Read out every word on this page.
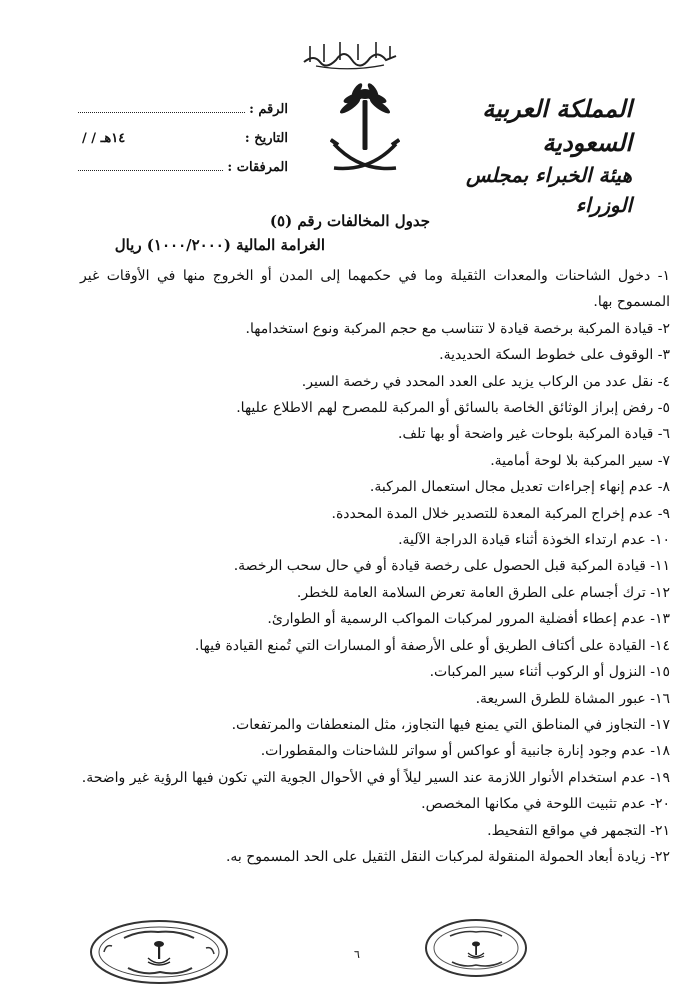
الرقم :
التاريخ :
/ / ١٤هـ
المرفقات :
المملكة العربية السعودية
هيئة الخبراء بمجلس الوزراء
جدول المخالفات رقم (٥)
الغرامة المالية (١٠٠٠/٢٠٠٠) ريال
١- دخول الشاحنات والمعدات الثقيلة وما في حكمهما إلى المدن أو الخروج منها في الأوقات غير المسموح بها.
٢- قيادة المركبة برخصة قيادة لا تتناسب مع حجم المركبة ونوع استخدامها.
٣- الوقوف على خطوط السكة الحديدية.
٤- نقل عدد من الركاب يزيد على العدد المحدد في رخصة السير.
٥- رفض إبراز الوثائق الخاصة بالسائق أو المركبة للمصرح لهم الاطلاع عليها.
٦- قيادة المركبة بلوحات غير واضحة أو بها تلف.
٧- سير المركبة بلا لوحة أمامية.
٨- عدم إنهاء إجراءات تعديل مجال استعمال المركبة.
٩- عدم إخراج المركبة المعدة للتصدير خلال المدة المحددة.
١٠- عدم ارتداء الخوذة أثناء قيادة الدراجة الآلية.
١١- قيادة المركبة قبل الحصول على رخصة قيادة أو في حال سحب الرخصة.
١٢- ترك أجسام على الطرق العامة تعرض السلامة العامة للخطر.
١٣- عدم إعطاء أفضلية المرور لمركبات المواكب الرسمية أو الطوارئ.
١٤- القيادة على أكتاف الطريق أو على الأرصفة أو المسارات التي تُمنع القيادة فيها.
١٥- النزول أو الركوب أثناء سير المركبات.
١٦- عبور المشاة للطرق السريعة.
١٧- التجاوز في المناطق التي يمنع فيها التجاوز، مثل المنعطفات والمرتفعات.
١٨- عدم وجود إنارة جانبية أو عواكس أو سواتر للشاحنات والمقطورات.
١٩- عدم استخدام الأنوار اللازمة عند السير ليلاً أو في الأحوال الجوية التي تكون فيها الرؤية غير واضحة.
٢٠- عدم تثبيت اللوحة في مكانها المخصص.
٢١- التجمهر في مواقع التفحيط.
٢٢- زيادة أبعاد الحمولة المنقولة لمركبات النقل الثقيل على الحد المسموح به.
٦
